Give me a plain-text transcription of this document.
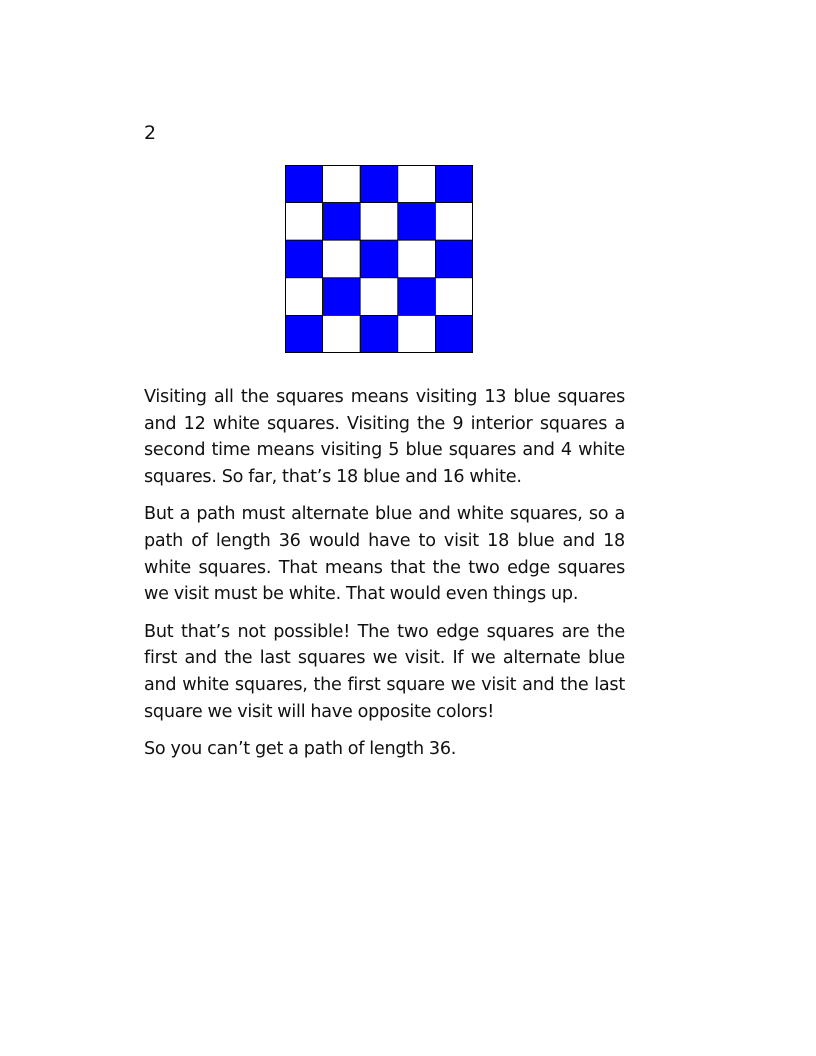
2

Visiting all the squares means visiting 13 blue squares and 12 white squares. Visiting the 9 interior squares a second time means visiting 5 blue squares and 4 white squares. So far, that’s 18 blue and 16 white.

But a path must alternate blue and white squares, so a path of length 36 would have to visit 18 blue and 18 white squares. That means that the two edge squares we visit must be white. That would even things up.

But that’s not possible! The two edge squares are the first and the last squares we visit. If we alternate blue and white squares, the first square we visit and the last square we visit will have opposite colors!

So you can’t get a path of length 36.
